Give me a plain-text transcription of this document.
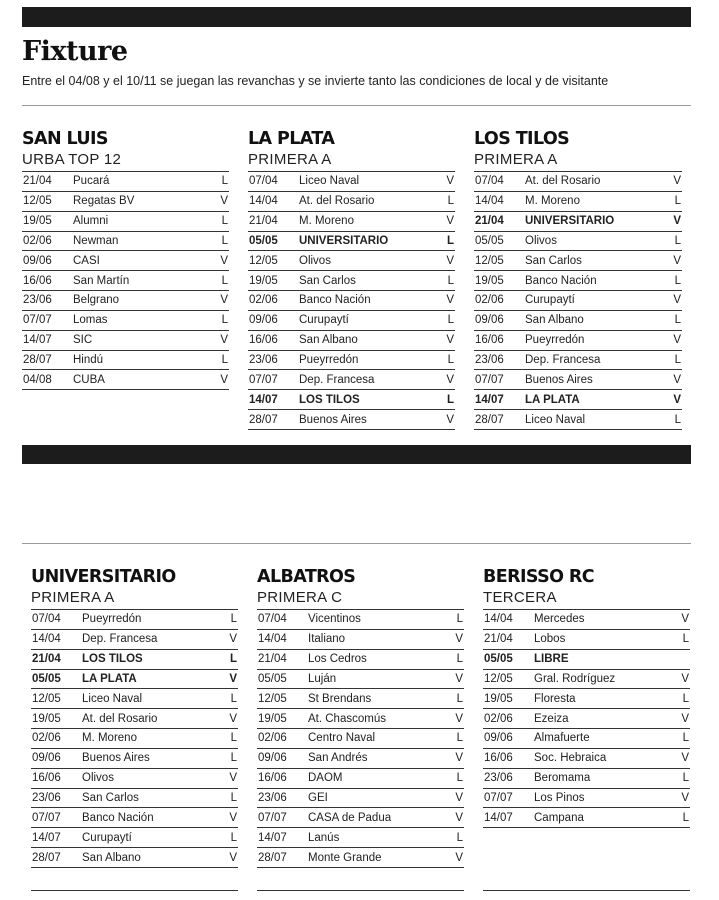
Fixture

Entre el 04/08 y el 10/11 se juegan las revanchas y se invierte tanto las condiciones de local y de visitante

SAN LUIS
URBA TOP 12
21/04	Pucará	L
12/05	Regatas BV	V
19/05	Alumni	L
02/06	Newman	L
09/06	CASI	V
16/06	San Martín	L
23/06	Belgrano	V
07/07	Lomas	L
14/07	SIC	V
28/07	Hindú	L
04/08	CUBA	V
LA PLATA
PRIMERA A
07/04	Liceo Naval	V
14/04	At. del Rosario	L
21/04	M. Moreno	V
05/05	UNIVERSITARIO	L
12/05	Olivos	V
19/05	San Carlos	L
02/06	Banco Nación	V
09/06	Curupaytí	L
16/06	San Albano	V
23/06	Pueyrredón	L
07/07	Dep. Francesa	V
14/07	LOS TILOS	L
28/07	Buenos Aires	V
LOS TILOS
PRIMERA A
07/04	At. del Rosario	V
14/04	M. Moreno	L
21/04	UNIVERSITARIO	V
05/05	Olivos	L
12/05	San Carlos	V
19/05	Banco Nación	L
02/06	Curupaytí	V
09/06	San Albano	L
16/06	Pueyrredón	V
23/06	Dep. Francesa	L
07/07	Buenos Aires	V
14/07	LA PLATA	V
28/07	Liceo Naval	L
UNIVERSITARIO
PRIMERA A
07/04	Pueyrredón	L
14/04	Dep. Francesa	V
21/04	LOS TILOS	L
05/05	LA PLATA	V
12/05	Liceo Naval	L
19/05	At. del Rosario	V
02/06	M. Moreno	L
09/06	Buenos Aires	L
16/06	Olivos	V
23/06	San Carlos	L
07/07	Banco Nación	V
14/07	Curupaytí	L
28/07	San Albano	V
ALBATROS
PRIMERA C
07/04	Vicentinos	L
14/04	Italiano	V
21/04	Los Cedros	L
05/05	Luján	V
12/05	St Brendans	L
19/05	At. Chascomús	V
02/06	Centro Naval	L
09/06	San Andrés	V
16/06	DAOM	L
23/06	GEI	V
07/07	CASA de Padua	V
14/07	Lanús	L
28/07	Monte Grande	V
BERISSO RC
TERCERA
14/04	Mercedes	V
21/04	Lobos	L
05/05	LIBRE
12/05	Gral. Rodríguez	V
19/05	Floresta	L
02/06	Ezeiza	V
09/06	Almafuerte	L
16/06	Soc. Hebraica	V
23/06	Beromama	L
07/07	Los Pinos	V
14/07	Campana	L
